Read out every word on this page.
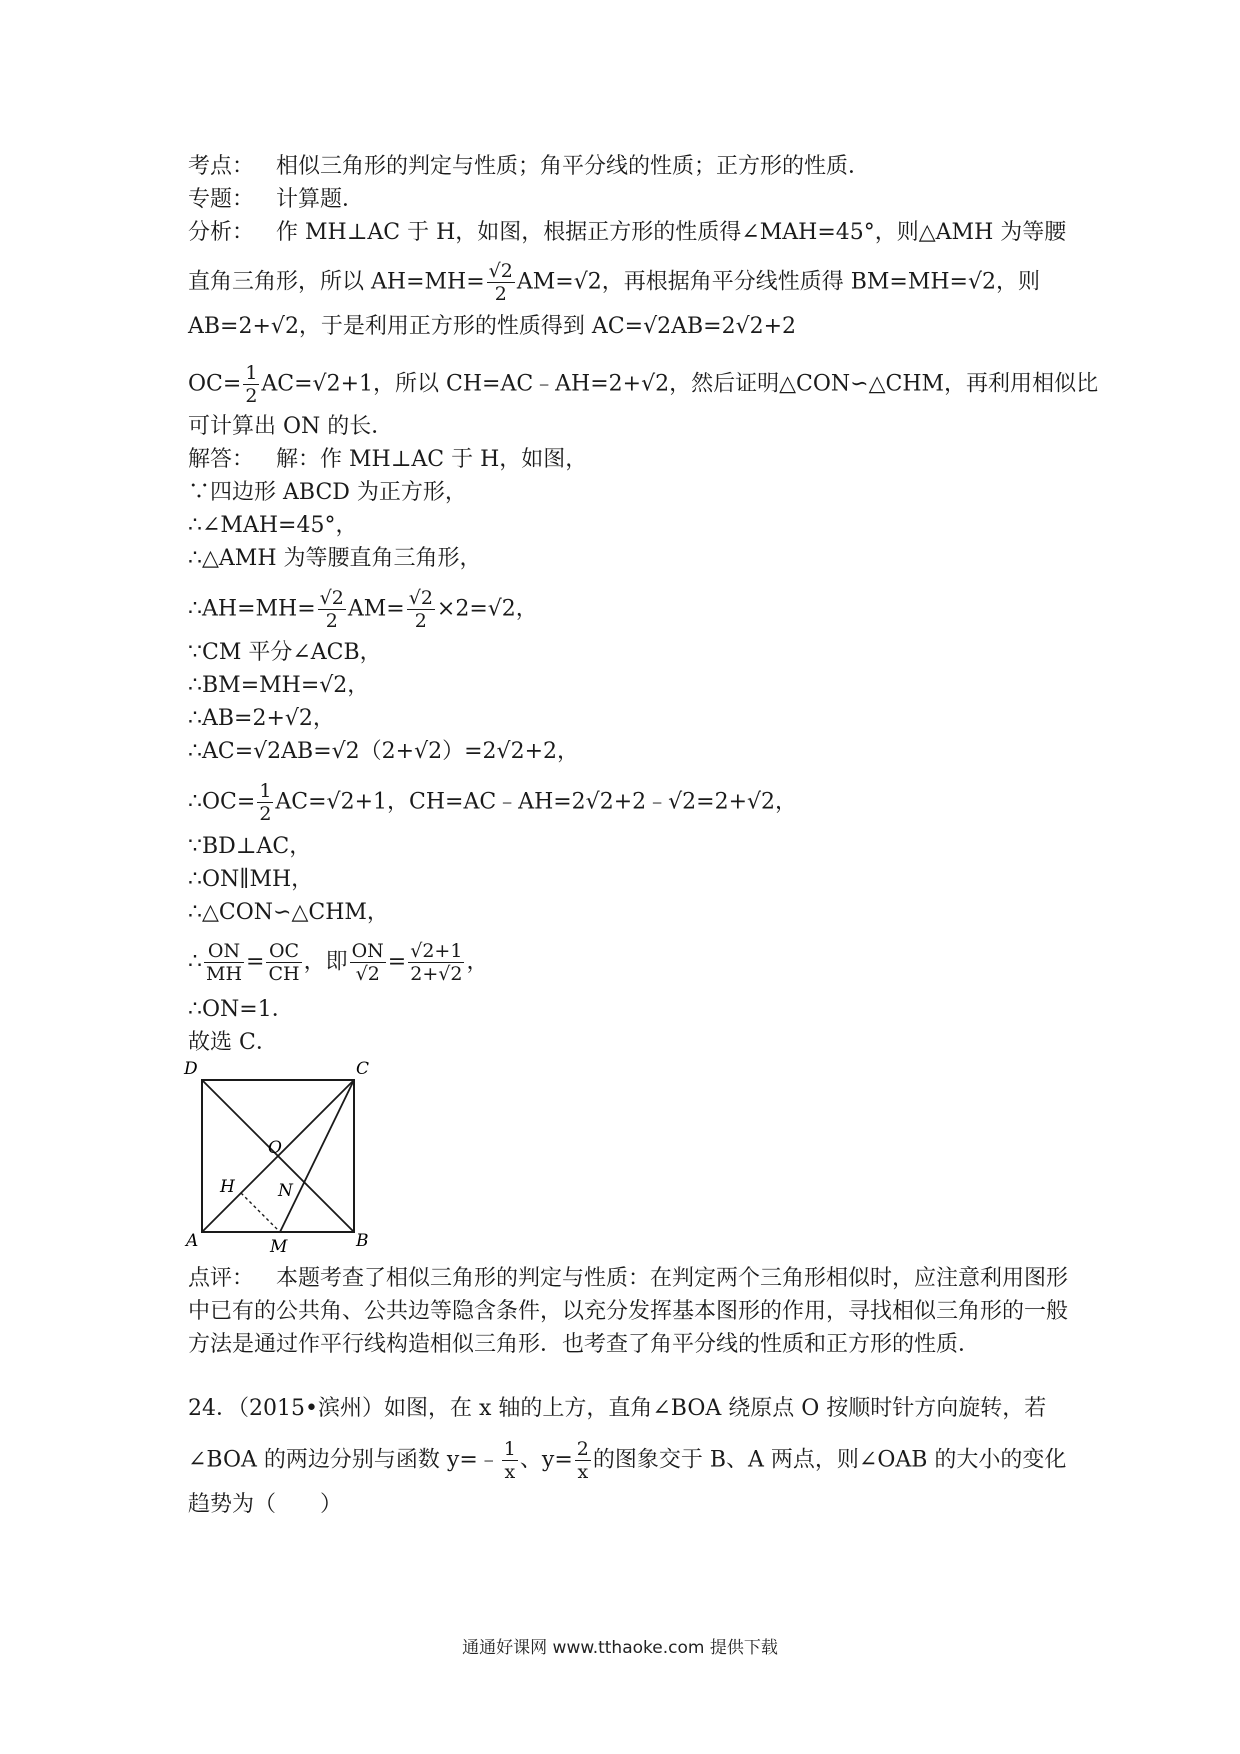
考点： 相似三角形的判定与性质；角平分线的性质；正方形的性质．
专题： 计算题．
分析： 作 MH⊥AC 于 H，如图，根据正方形的性质得∠MAH=45°，则△AMH 为等腰
直角三角形，所以 $AH=MH= \frac{√2}{2} AM=√2$，再根据角平分线性质得 BM=MH=√2，则
AB=2+√2，于是利用正方形的性质得到 AC=√2AB=2√2+2
$OC= \frac{1}{2} AC=√2+1$，所以 CH=AC﹣AH=2+√2，然后证明△CON∽△CHM，再利用相似比
可计算出 ON 的长．
解答： 解：作 MH⊥AC 于 H，如图，
∵四边形 ABCD 为正方形，
∴∠MAH=45°，
∴△AMH 为等腰直角三角形，
∴AH=MH= $\frac{√2}{2} AM= \frac{√2}{2} \times 2=√2$，
∵CM 平分∠ACB，
∴BM=MH=√2，
∴AB=2+√2，
∴AC=√2AB=√2（2+√2）=2√2+2，
∴OC= $\frac{1}{2} AC=√2+1$，CH=AC﹣AH=2√2+2﹣√2=2+√2，
∵BD⊥AC，
∴ON∥MH，
∴△CON∽△CHM，
∴ $\frac{ON}{MH} = \frac{OC}{CH}$ ，即 $\frac{ON}{√2} = \frac{√2+1}{2+√2}$ ，
∴ON=1．
故选 C．
D	C
O
H	N
A	M	B
点评： 本题考查了相似三角形的判定与性质：在判定两个三角形相似时，应注意利用图形中已有的公共角、公共边等隐含条件，以充分发挥基本图形的作用，寻找相似三角形的一般方法是通过作平行线构造相似三角形．也考查了角平分线的性质和正方形的性质．
24．（2015•滨州）如图，在 x 轴的上方，直角∠BOA 绕原点 O 按顺时针方向旋转，若
∠BOA 的两边分别与函数 y=﹣ $\frac{1}{x}$ 、$y= \frac{2}{x}$ 的图象交于 B、A 两点，则∠OAB 的大小的变化
趋势为（　　）
通通好课网 www.tthaoke.com 提供下载
